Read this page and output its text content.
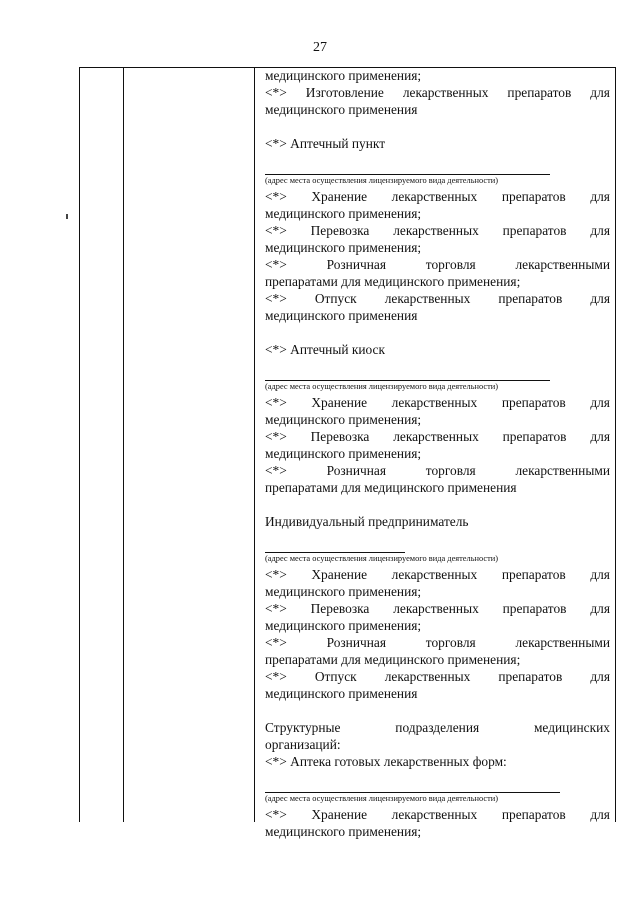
27
медицинского применения;
<*> Изготовление лекарственных препаратов для
медицинского применения
<*> Аптечный пункт
(адрес места осуществления лицензируемого вида деятельности)
<*> Хранение лекарственных препаратов для
медицинского применения;
<*> Перевозка лекарственных препаратов для
медицинского применения;
<*>	Розничная	торговля	лекарственными
препаратами для медицинского применения;
<*> Отпуск лекарственных препаратов для
медицинского применения
<*> Аптечный киоск
(адрес места осуществления лицензируемого вида деятельности)
<*> Хранение лекарственных препаратов для
медицинского применения;
<*> Перевозка лекарственных препаратов для
медицинского применения;
<*>	Розничная	торговля	лекарственными
препаратами для медицинского применения
Индивидуальный предприниматель
(адрес места осуществления лицензируемого вида деятельности)
<*> Хранение лекарственных препаратов для
медицинского применения;
<*> Перевозка лекарственных препаратов для
медицинского применения;
<*>	Розничная	торговля	лекарственными
препаратами для медицинского применения;
<*> Отпуск лекарственных препаратов для
медицинского применения
Структурные	подразделения	медицинских
организаций:
<*> Аптека готовых лекарственных форм:
(адрес места осуществления лицензируемого вида деятельности)
<*> Хранение лекарственных препаратов для
медицинского применения;
